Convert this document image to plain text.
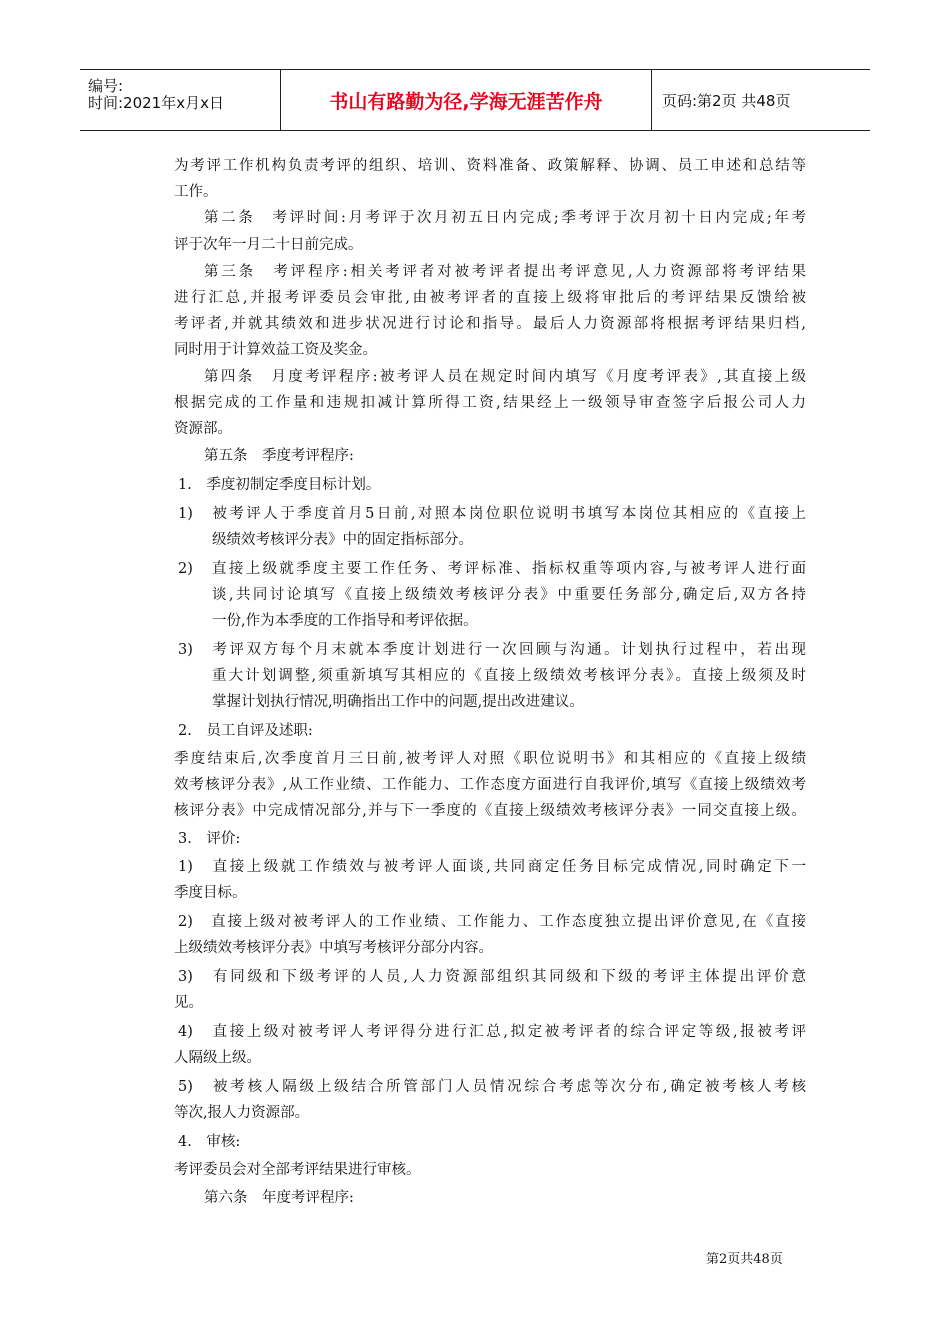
编号:
时间:2021年x月x日	书山有路勤为径,学海无涯苦作舟	页码:第2页 共48页
为考评工作机构负责考评的组织、培训、资料准备、政策解释、协调、员工申述和总结等
工作。
第二条　考评时间:月考评于次月初五日内完成;季考评于次月初十日内完成;年考
评于次年一月二十日前完成。
第三条　考评程序:相关考评者对被考评者提出考评意见,人力资源部将考评结果
进行汇总,并报考评委员会审批,由被考评者的直接上级将审批后的考评结果反馈给被
考评者,并就其绩效和进步状况进行讨论和指导。最后人力资源部将根据考评结果归档,
同时用于计算效益工资及奖金。
第四条　月度考评程序:被考评人员在规定时间内填写《月度考评表》,其直接上级
根据完成的工作量和违规扣减计算所得工资,结果经上一级领导审查签字后报公司人力
资源部。
第五条　季度考评程序:
1.　季度初制定季度目标计划。
1)　被考评人于季度首月5日前,对照本岗位职位说明书填写本岗位其相应的《直接上
级绩效考核评分表》中的固定指标部分。
2)　直接上级就季度主要工作任务、考评标准、指标权重等项内容,与被考评人进行面
谈,共同讨论填写《直接上级绩效考核评分表》中重要任务部分,确定后,双方各持
一份,作为本季度的工作指导和考评依据。
3)　考评双方每个月末就本季度计划进行一次回顾与沟通。计划执行过程中，若出现
重大计划调整,须重新填写其相应的《直接上级绩效考核评分表》。直接上级须及时
掌握计划执行情况,明确指出工作中的问题,提出改进建议。
2.　员工自评及述职:
季度结束后,次季度首月三日前,被考评人对照《职位说明书》和其相应的《直接上级绩
效考核评分表》,从工作业绩、工作能力、工作态度方面进行自我评价,填写《直接上级绩效考
核评分表》中完成情况部分,并与下一季度的《直接上级绩效考核评分表》一同交直接上级。
3.　评价:
1)　直接上级就工作绩效与被考评人面谈,共同商定任务目标完成情况,同时确定下一
季度目标。
2)　直接上级对被考评人的工作业绩、工作能力、工作态度独立提出评价意见,在《直接
上级绩效考核评分表》中填写考核评分部分内容。
3)　有同级和下级考评的人员,人力资源部组织其同级和下级的考评主体提出评价意
见。
4)　直接上级对被考评人考评得分进行汇总,拟定被考评者的综合评定等级,报被考评
人隔级上级。
5)　被考核人隔级上级结合所管部门人员情况综合考虑等次分布,确定被考核人考核
等次,报人力资源部。
4.　审核:
考评委员会对全部考评结果进行审核。
第六条　年度考评程序:
第2页共48页
